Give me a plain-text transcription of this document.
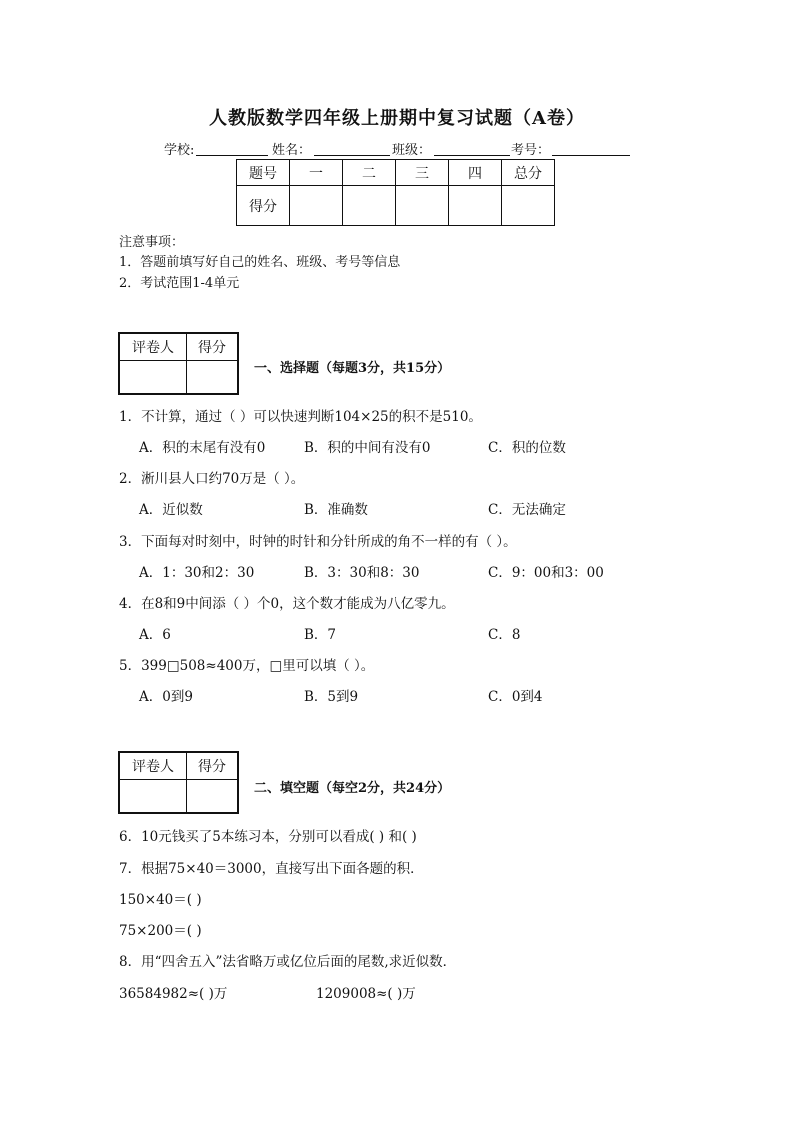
人教版数学四年级上册期中复习试题（A卷）
学校:	姓名：	班级：	考号：
题号	一	二	三	四	总分
得分					
注意事项：
1．答题前填写好自己的姓名、班级、考号等信息
2．考试范围1-4单元
评卷人	得分

一、选择题（每题3分，共15分）
1．不计算，通过（ ）可以快速判断104×25的积不是510。
A．积的末尾有没有0	B．积的中间有没有0	C．积的位数
2．淅川县人口约70万是（ ）。
A．近似数	B．准确数	C．无法确定
3．下面每对时刻中，时钟的时针和分针所成的角不一样的有（ ）。
A．1：30和2：30	B．3：30和8：30	C．9：00和3：00
4．在8和9中间添（ ）个0，这个数才能成为八亿零九。
A．6	B．7	C．8
5．399□508≈400万，□里可以填（ ）。
A．0到9	B．5到9	C．0到4
评卷人	得分

二、填空题（每空2分，共24分）
6．10元钱买了5本练习本，分别可以看成( ) 和( )
7．根据75×40＝3000，直接写出下面各题的积．
150×40＝( )
75×200＝( )
8．用“四舍五入”法省略万或亿位后面的尾数,求近似数．
36584982≈( )万	1209008≈( )万
